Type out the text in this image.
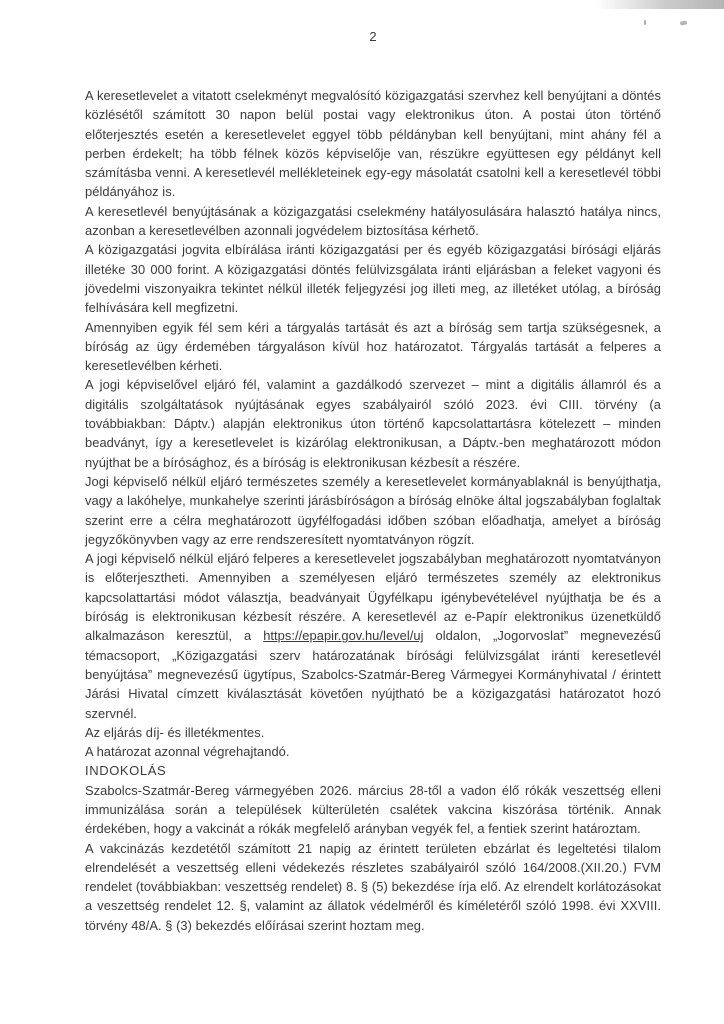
2

A keresetlevelet a vitatott cselekményt megvalósító közigazgatási szervhez kell benyújtani a döntés közlésétől számított 30 napon belül postai vagy elektronikus úton. A postai úton történő előterjesztés esetén a keresetlevelet eggyel több példányban kell benyújtani, mint ahány fél a perben érdekelt; ha több félnek közös képviselője van, részükre együttesen egy példányt kell számításba venni. A keresetlevél mellékleteinek egy-egy másolatát csatolni kell a keresetlevél többi példányához is.

A keresetlevél benyújtásának a közigazgatási cselekmény hatályosulására halasztó hatálya nincs, azonban a keresetlevélben azonnali jogvédelem biztosítása kérhető.

A közigazgatási jogvita elbírálása iránti közigazgatási per és egyéb közigazgatási bírósági eljárás illetéke 30 000 forint. A közigazgatási döntés felülvizsgálata iránti eljárásban a feleket vagyoni és jövedelmi viszonyaikra tekintet nélkül illeték feljegyzési jog illeti meg, az illetéket utólag, a bíróság felhívására kell megfizetni.

Amennyiben egyik fél sem kéri a tárgyalás tartását és azt a bíróság sem tartja szükségesnek, a bíróság az ügy érdemében tárgyaláson kívül hoz határozatot. Tárgyalás tartását a felperes a keresetlevélben kérheti.

A jogi képviselővel eljáró fél, valamint a gazdálkodó szervezet – mint a digitális államról és a digitális szolgáltatások nyújtásának egyes szabályairól szóló 2023. évi CIII. törvény (a továbbiakban: Dáptv.) alapján elektronikus úton történő kapcsolattartásra kötelezett – minden beadványt, így a keresetlevelet is kizárólag elektronikusan, a Dáptv.-ben meghatározott módon nyújthat be a bírósághoz, és a bíróság is elektronikusan kézbesít a részére.

Jogi képviselő nélkül eljáró természetes személy a keresetlevelet kormányablaknál is benyújthatja, vagy a lakóhelye, munkahelye szerinti járásbíróságon a bíróság elnöke által jogszabályban foglaltak szerint erre a célra meghatározott ügyfélfogadási időben szóban előadhatja, amelyet a bíróság jegyzőkönyvben vagy az erre rendszeresített nyomtatványon rögzít.

A jogi képviselő nélkül eljáró felperes a keresetlevelet jogszabályban meghatározott nyomtatványon is előterjesztheti. Amennyiben a személyesen eljáró természetes személy az elektronikus kapcsolattartási módot választja, beadványait Ügyfélkapu igénybevételével nyújthatja be és a bíróság is elektronikusan kézbesít részére. A keresetlevél az e-Papír elektronikus üzenetküldő alkalmazáson keresztül, a https://epapir.gov.hu/level/uj oldalon, „Jogorvoslat” megnevezésű témacsoport, „Közigazgatási szerv határozatának bírósági felülvizsgálat iránti keresetlevél benyújtása” megnevezésű ügytípus, Szabolcs-Szatmár-Bereg Vármegyei Kormányhivatal / érintett Járási Hivatal címzett kiválasztását követően nyújtható be a közigazgatási határozatot hozó szervnél.

Az eljárás díj- és illetékmentes.

A határozat azonnal végrehajtandó.

INDOKOLÁS

Szabolcs-Szatmár-Bereg vármegyében 2026. március 28-től a vadon élő rókák veszettség elleni immunizálása során a települések külterületén csalétek vakcina kiszórása történik. Annak érdekében, hogy a vakcinát a rókák megfelelő arányban vegyék fel, a fentiek szerint határoztam.

A vakcinázás kezdetétől számított 21 napig az érintett területen ebzárlat és legeltetési tilalom elrendelését a veszettség elleni védekezés részletes szabályairól szóló 164/2008.(XII.20.) FVM rendelet (továbbiakban: veszettség rendelet) 8. § (5) bekezdése írja elő. Az elrendelt korlátozásokat a veszettség rendelet 12. §, valamint az állatok védelméről és kíméletéről szóló 1998. évi XXVIII. törvény 48/A. § (3) bekezdés előírásai szerint hoztam meg.
